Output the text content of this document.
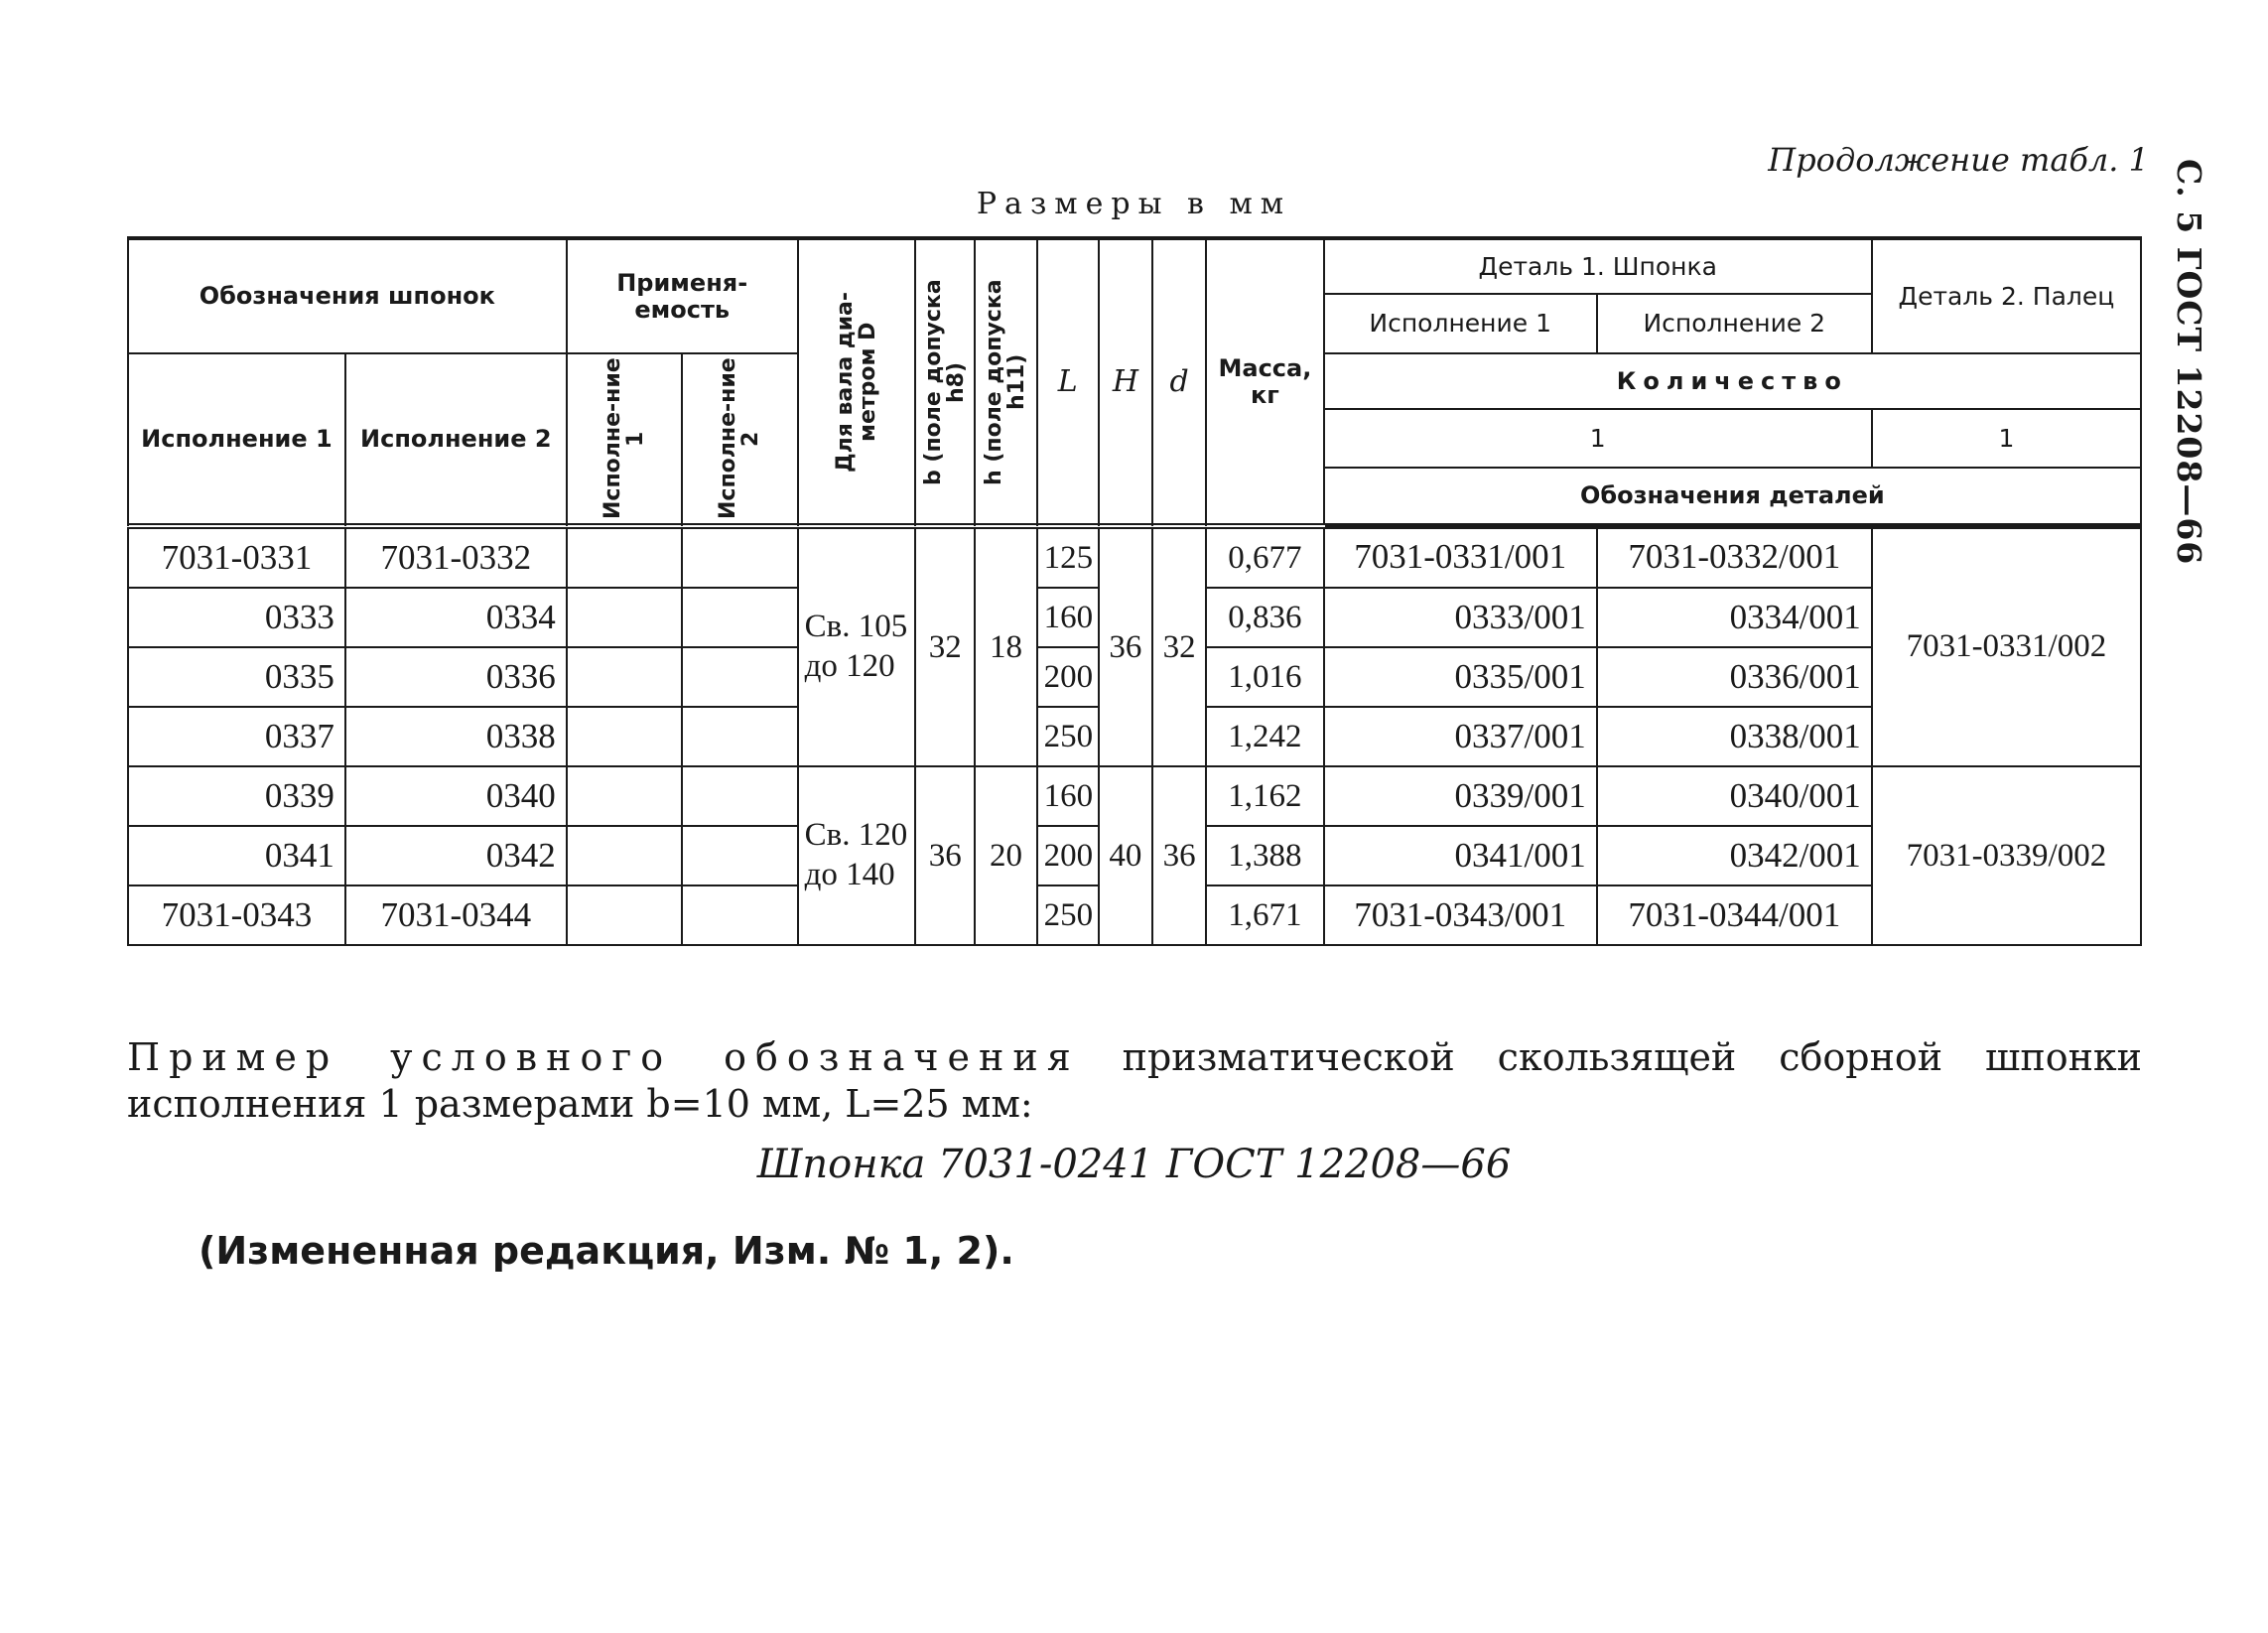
Продолжение табл. 1 С. 5 ГОСТ 12208—66
Размеры в мм
Обозначения шпонок		Применя-емость		Для вала диа-метром D	b (поле допуска h8)	h (поле допуска h11)	L	H	d	Масса, кг	Деталь 1. Шпонка		Деталь 2. Палец
											Исполнение 1	Исполнение 2	
Исполнение 1	Исполнение 2	Исполне-ние 1	Исполне-ние 2								Количество		
											1		1
											Обозначения деталей		

7031-0331	7031-0332			Св. 105 до 120	32	18	125	36	32	0,677	7031-0331/001	7031-0332/001	7031-0331/002
0333	0334						160			0,836	0333/001	0334/001	
0335	0336						200			1,016	0335/001	0336/001	
0337	0338						250			1,242	0337/001	0338/001	
0339	0340			Св. 120 до 140	36	20	160	40	36	1,162	0339/001	0340/001	7031-0339/002
0341	0342						200			1,388	0341/001	0342/001	
7031-0343	7031-0344						250			1,671	7031-0343/001	7031-0344/001	
Пример условного обозначения призматической скользящей сборной шпонки
исполнения 1 размерами b=10 мм, L=25 мм:
Шпонка 7031-0241 ГОСТ 12208—66
(Измененная редакция, Изм. № 1, 2).
